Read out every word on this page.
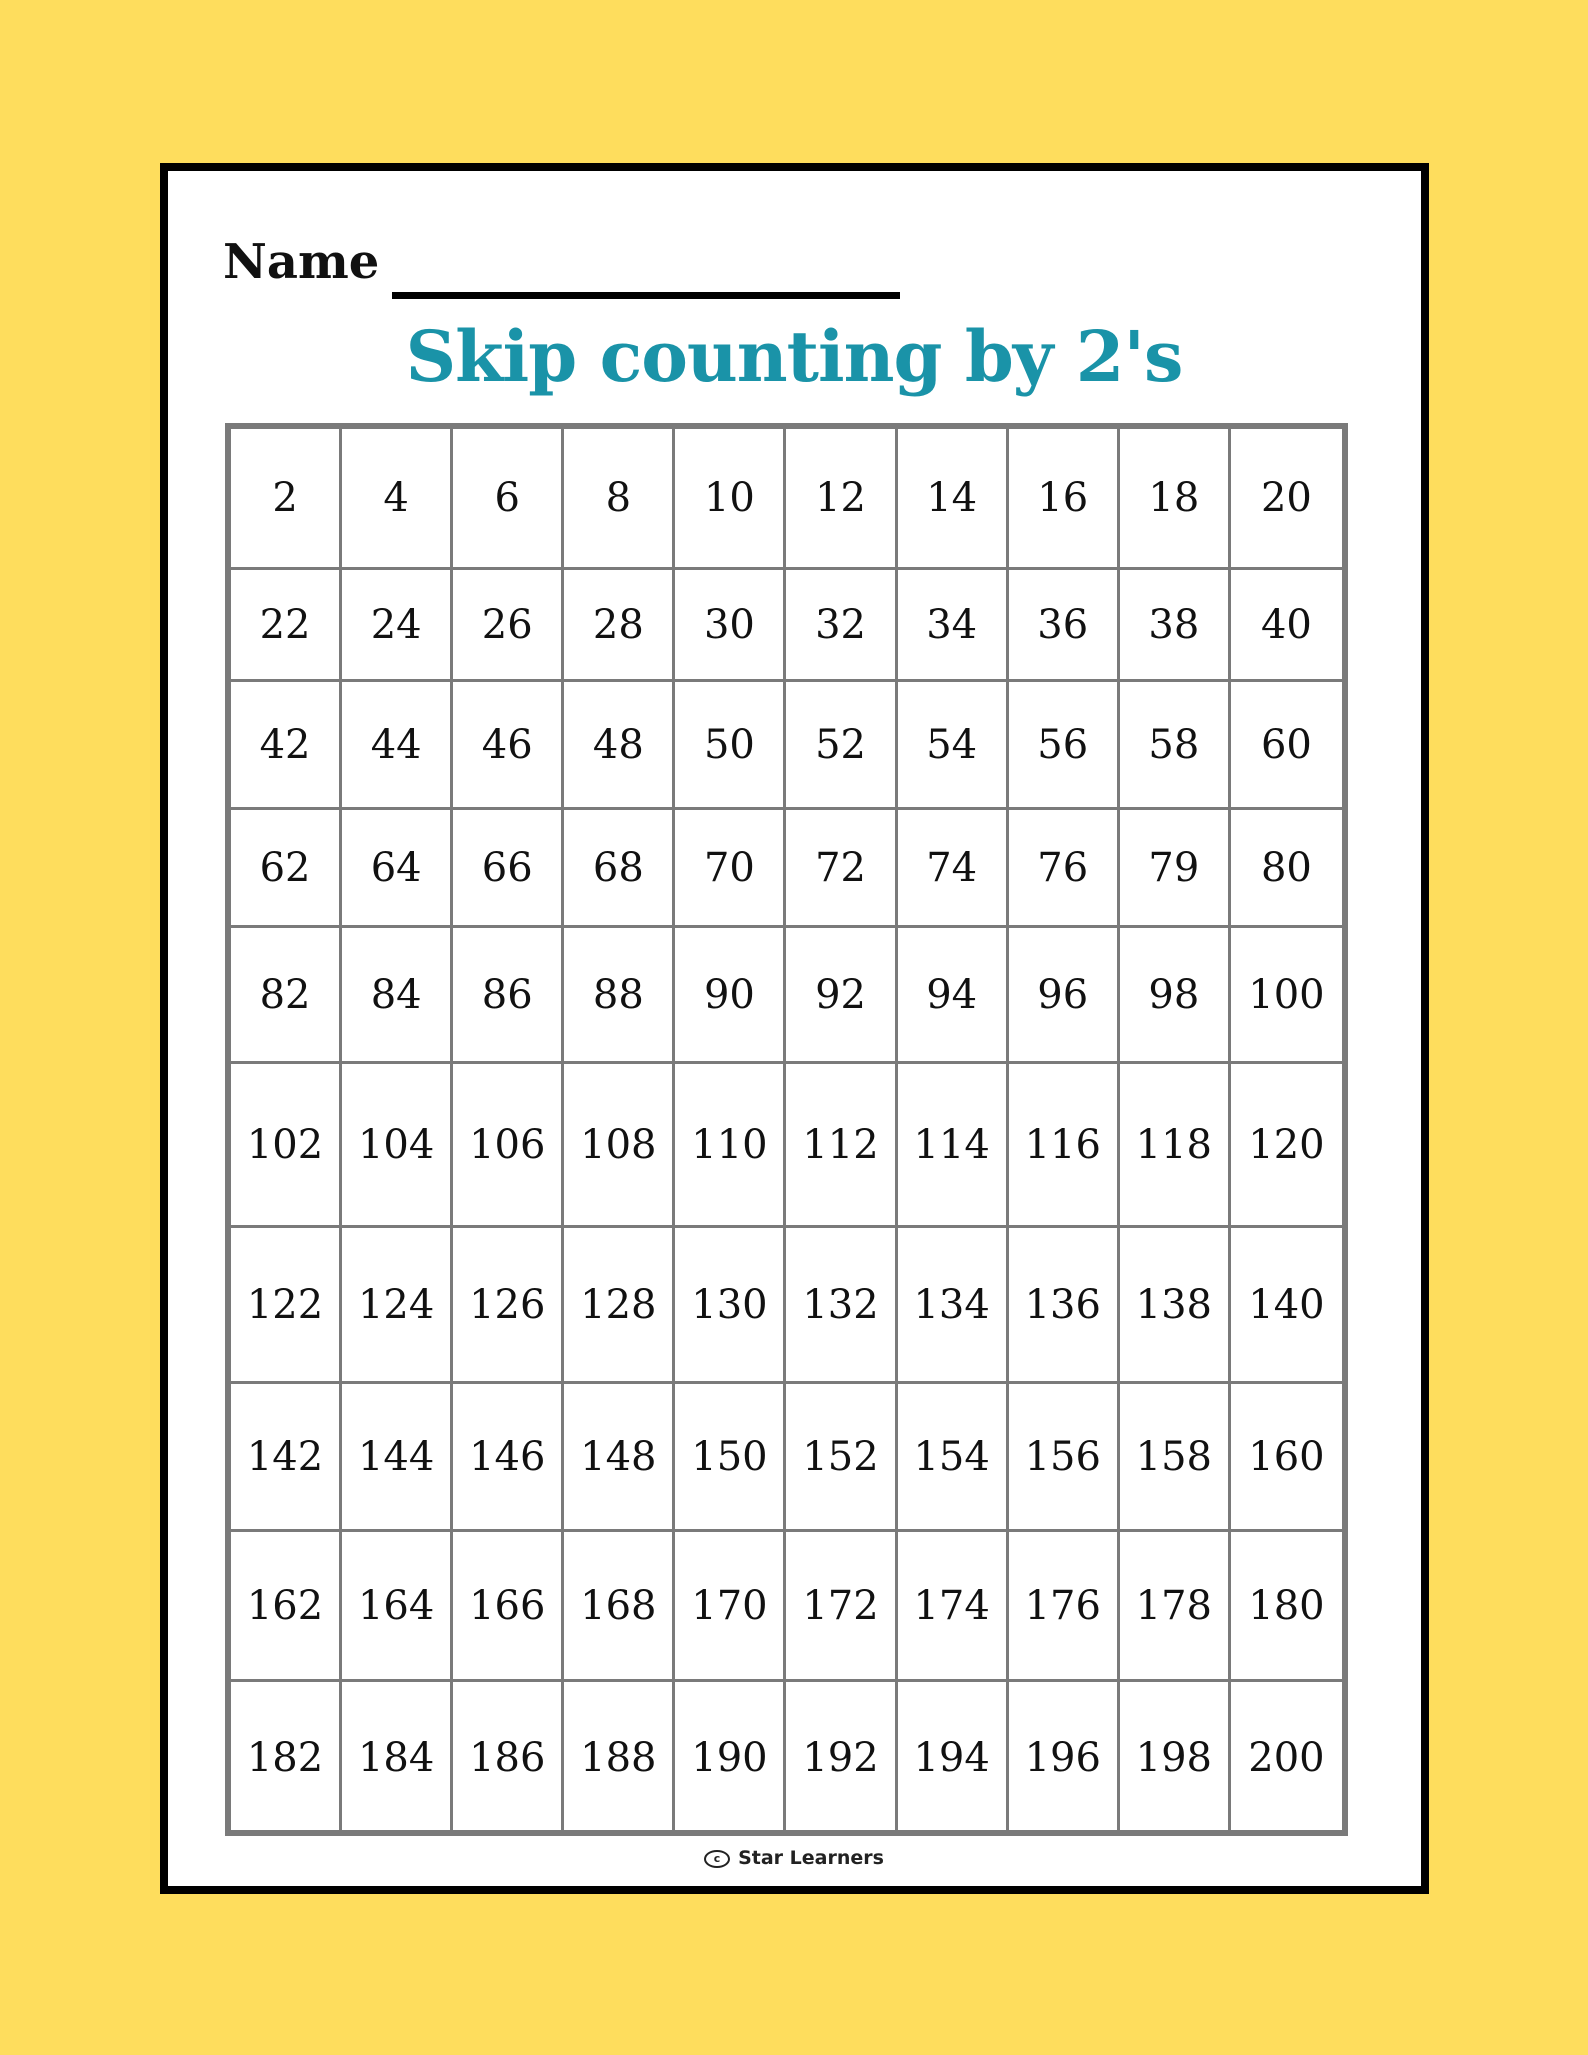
Name
Skip counting by 2's
2	4	6	8	10	12	14	16	18	20
22	24	26	28	30	32	34	36	38	40
42	44	46	48	50	52	54	56	58	60
62	64	66	68	70	72	74	76	79	80
82	84	86	88	90	92	94	96	98	100
102 104 106 108 110 112 114 116 118 120
122 124 126 128 130 132 134 136 138 140
142 144 146 148 150 152 154 156 158 160
162 164 166 168 170 172 174 176 178 180
182 184 186 188 190 192 194 196 198 200
c Star Learners
